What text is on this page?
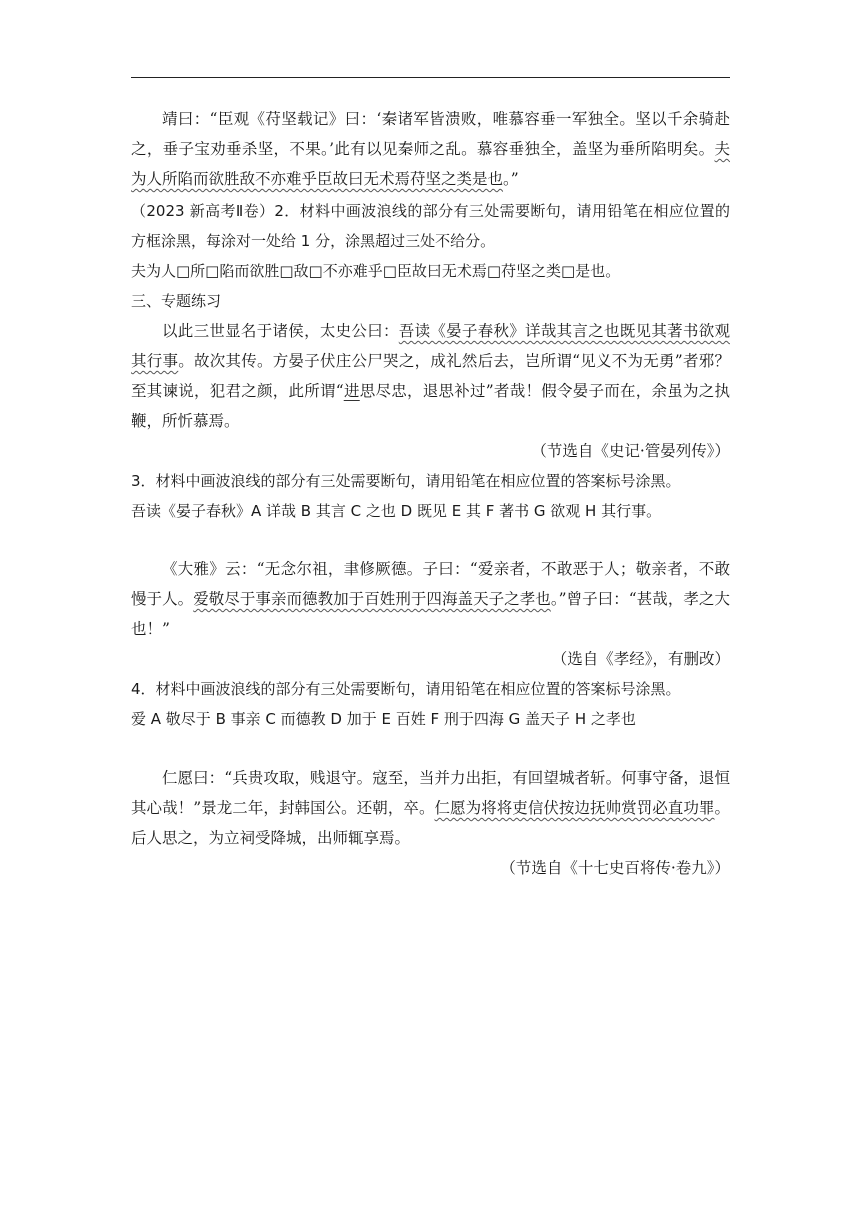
靖曰：“臣观《苻坚载记》曰：‘秦诸军皆溃败，唯慕容垂一军独全。坚以千余骑赴之，垂子宝劝垂杀坚，不果。’此有以见秦师之乱。慕容垂独全，盖坚为垂所陷明矣。夫为人所陷而欲胜敌不亦难乎臣故曰无术焉苻坚之类是也。”

（2023 新高考Ⅱ卷）2．材料中画波浪线的部分有三处需要断句，请用铅笔在相应位置的方框涂黑，每涂对一处给 1 分，涂黑超过三处不给分。

夫为人□所□陷而欲胜□敌□不亦难乎□臣故曰无术焉□苻坚之类□是也。

三、专题练习

以此三世显名于诸侯，太史公曰：吾读《晏子春秋》详哉其言之也既见其著书欲观其行事。故次其传。方晏子伏庄公尸哭之，成礼然后去，岂所谓“见义不为无勇”者邪？至其谏说，犯君之颜，此所谓“进思尽忠，退思补过”者哉！假令晏子而在，余虽为之执鞭，所忻慕焉。

（节选自《史记·管晏列传》）

3．材料中画波浪线的部分有三处需要断句，请用铅笔在相应位置的答案标号涂黑。

吾读《晏子春秋》A 详哉 B 其言 C 之也 D 既见 E 其 F 著书 G 欲观 H 其行事。

《大雅》云：“无念尔祖，聿修厥德。子曰：“爱亲者，不敢恶于人；敬亲者，不敢慢于人。爱敬尽于事亲而德教加于百姓刑于四海盖天子之孝也。”曾子曰：“甚哉，孝之大也！”

（选自《孝经》，有删改）

4．材料中画波浪线的部分有三处需要断句，请用铅笔在相应位置的答案标号涂黑。

爱 A 敬尽于 B 事亲 C 而德教 D 加于 E 百姓 F 刑于四海 G 盖天子 H 之孝也

仁愿曰：“兵贵攻取，贱退守。寇至，当并力出拒，有回望城者斩。何事守备，退恒其心哉！”景龙二年，封韩国公。还朝，卒。仁愿为将将吏信伏按边抚帅赏罚必直功罪。后人思之，为立祠受降城，出师辄享焉。

（节选自《十七史百将传·卷九》）
